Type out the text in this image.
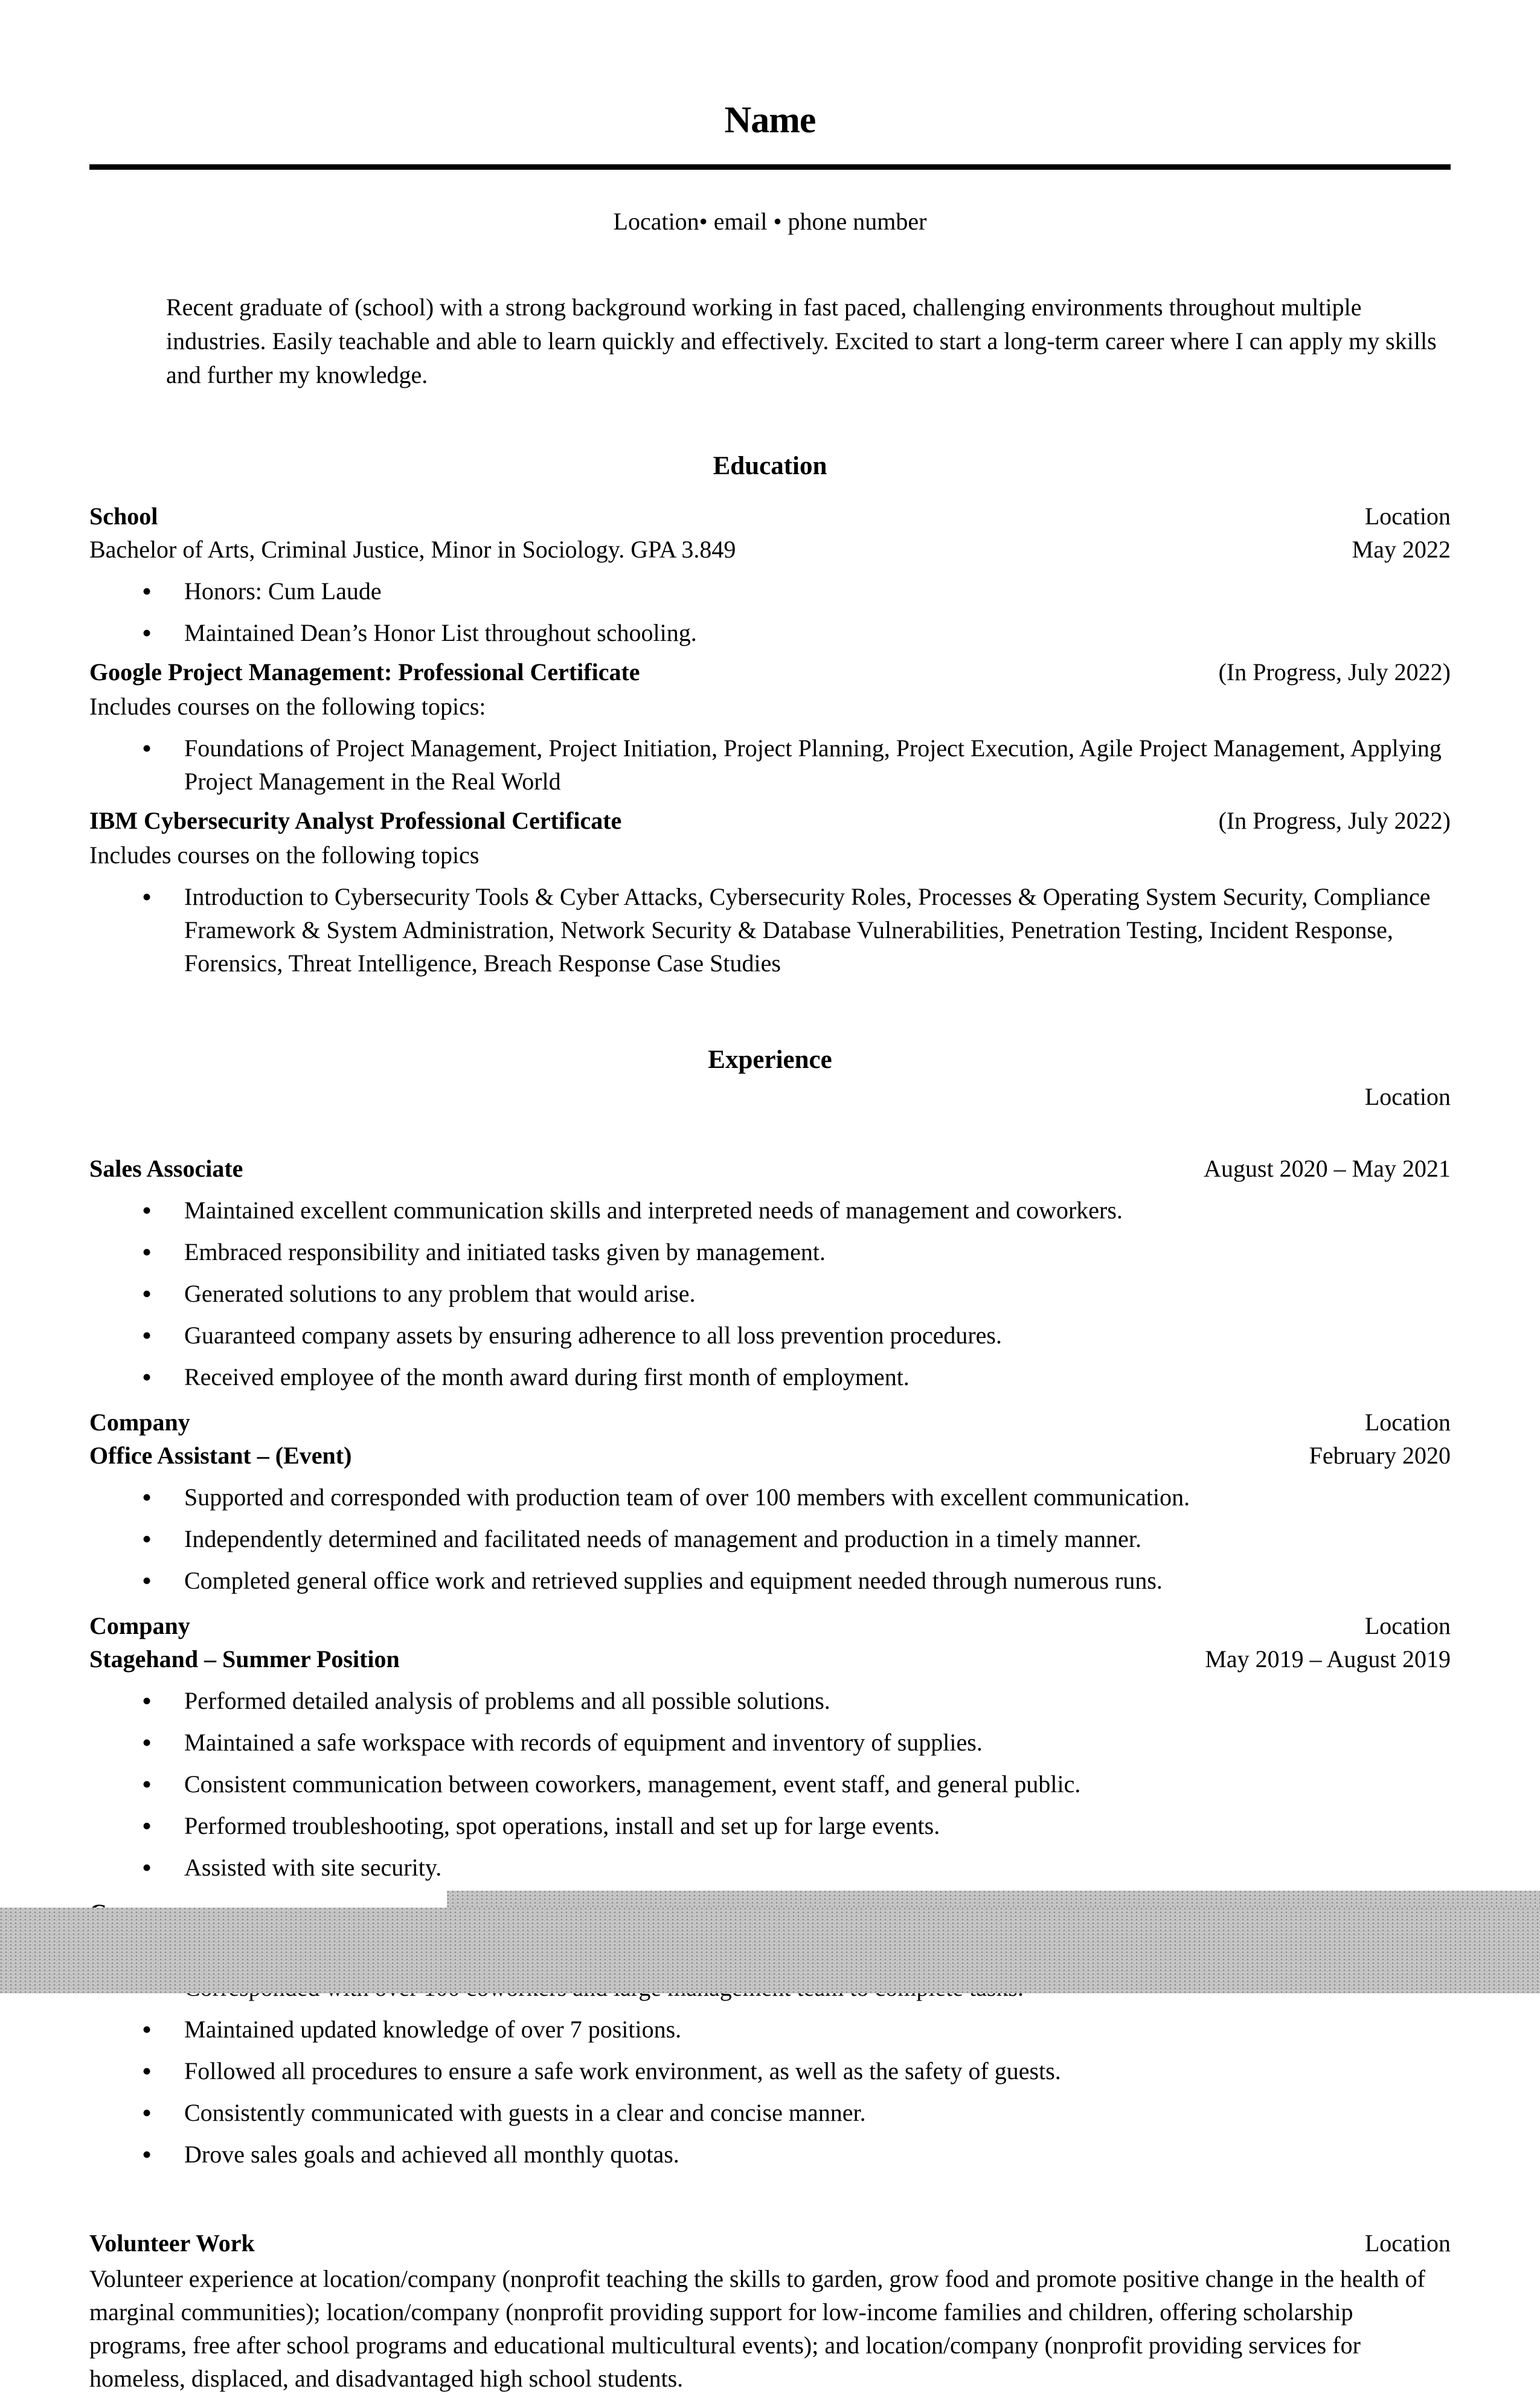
Name
Location• email • phone number

Recent graduate of (school) with a strong background working in fast paced, challenging environments throughout multiple industries. Easily teachable and able to learn quickly and effectively. Excited to start a long-term career where I can apply my skills and further my knowledge.

Education
School	Location
Bachelor of Arts, Criminal Justice, Minor in Sociology. GPA 3.849	May 2022
• Honors: Cum Laude
• Maintained Dean’s Honor List throughout schooling.
Google Project Management: Professional Certificate	(In Progress, July 2022)

Includes courses on the following topics:

• Foundations of Project Management, Project Initiation, Project Planning, Project Execution, Agile Project Management, Applying Project Management in the Real World
IBM Cybersecurity Analyst Professional Certificate	(In Progress, July 2022)

Includes courses on the following topics

• Introduction to Cybersecurity Tools & Cyber Attacks, Cybersecurity Roles, Processes & Operating System Security, Compliance Framework & System Administration, Network Security & Database Vulnerabilities, Penetration Testing, Incident Response, Forensics, Threat Intelligence, Breach Response Case Studies
Experience
Location
Sales Associate	August 2020 – May 2021
• Maintained excellent communication skills and interpreted needs of management and coworkers.
• Embraced responsibility and initiated tasks given by management.
• Generated solutions to any problem that would arise.
• Guaranteed company assets by ensuring adherence to all loss prevention procedures.
• Received employee of the month award during first month of employment.
Company	Location
Office Assistant – (Event)	February 2020
• Supported and corresponded with production team of over 100 members with excellent communication.
• Independently determined and facilitated needs of management and production in a timely manner.
• Completed general office work and retrieved supplies and equipment needed through numerous runs.
Company	Location
Stagehand – Summer Position	May 2019 – August 2019
• Performed detailed analysis of problems and all possible solutions.
• Maintained a safe workspace with records of equipment and inventory of supplies.
• Consistent communication between coworkers, management, event staff, and general public.
• Performed troubleshooting, spot operations, install and set up for large events.
• Assisted with site security.
•
• Maintained updated knowledge of over 7 positions.
• Followed all procedures to ensure a safe work environment, as well as the safety of guests.
• Consistently communicated with guests in a clear and concise manner.
• Drove sales goals and achieved all monthly quotas.
Volunteer Work	Location

Volunteer experience at location/company (nonprofit teaching the skills to garden, grow food and promote positive change in the health of marginal communities); location/company (nonprofit providing support for low-income families and children, offering scholarship programs, free after school programs and educational multicultural events); and location/company (nonprofit providing services for homeless, displaced, and disadvantaged high school students.
